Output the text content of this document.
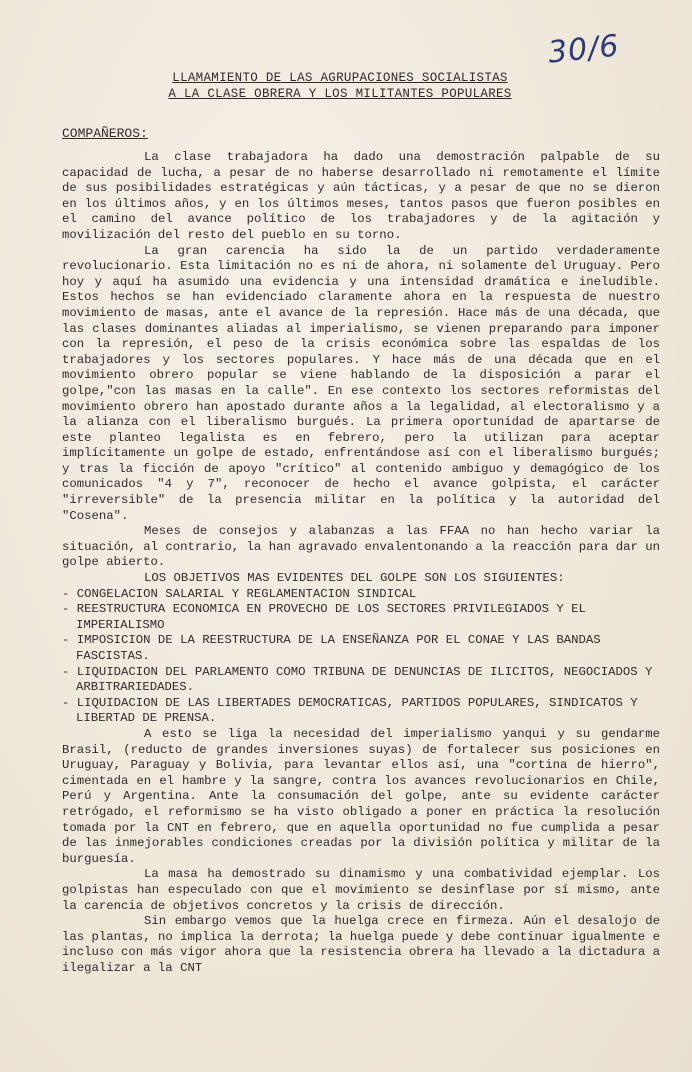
30/6
LLAMAMIENTO DE LAS AGRUPACIONES SOCIALISTAS
A LA CLASE OBRERA Y LOS MILITANTES POPULARES
COMPAÑEROS:

La clase trabajadora ha dado una demostración palpable de su capacidad de lucha, a pesar de no haberse desarrollado ni remotamente el límite de sus posibilidades estratégicas y aún tácticas, y a pesar de que no se dieron en los últimos años, y en los últimos meses, tantos pasos que fueron posibles en el camino del avance político de los trabajadores y de la agitación y movilización del resto del pueblo en su torno.

La gran carencia ha sido la de un partido verdaderamente revolucionario. Esta limitación no es ni de ahora, ni solamente del Uruguay. Pero hoy y aquí ha asumido una evidencia y una intensidad dramática e ineludible. Estos hechos se han evidenciado claramente ahora en la respuesta de nuestro movimiento de masas, ante el avance de la represión. Hace más de una década, que las clases dominantes aliadas al imperialismo, se vienen preparando para imponer con la represión, el peso de la crisis económica sobre las espaldas de los trabajadores y los sectores populares. Y hace más de una década que en el movimiento obrero popular se viene hablando de la disposición a parar el golpe,"con las masas en la calle". En ese contexto los sectores reformistas del movimiento obrero han apostado durante años a la legalidad, al electoralismo y a la alianza con el liberalismo burgués. La primera oportunidad de apartarse de este planteo legalista es en febrero, pero la utilizan para aceptar implícitamente un golpe de estado, enfrentándose así con el liberalismo burgués; y tras la ficción de apoyo "crítico" al contenido ambiguo y demagógico de los comunicados "4 y 7", reconocer de hecho el avance golpista, el carácter "irreversible" de la presencia militar en la política y la autoridad del "Cosena".

Meses de consejos y alabanzas a las FFAA no han hecho variar la situación, al contrario, la han agravado envalentonando a la reacción para dar un golpe abierto.

LOS OBJETIVOS MAS EVIDENTES DEL GOLPE SON LOS SIGUIENTES:

- CONGELACION SALARIAL Y REGLAMENTACION SINDICAL
- REESTRUCTURA ECONOMICA EN PROVECHO DE LOS SECTORES PRIVILEGIADOS Y EL IMPERIALISMO
- IMPOSICION DE LA REESTRUCTURA DE LA ENSEÑANZA POR EL CONAE Y LAS BANDAS FASCISTAS.
- LIQUIDACION DEL PARLAMENTO COMO TRIBUNA DE DENUNCIAS DE ILICITOS, NEGOCIADOS Y ARBITRARIEDADES.
- LIQUIDACION DE LAS LIBERTADES DEMOCRATICAS, PARTIDOS POPULARES, SINDICATOS Y LIBERTAD DE PRENSA.

A esto se liga la necesidad del imperialismo yanqui y su gendarme Brasil, (reducto de grandes inversiones suyas) de fortalecer sus posiciones en Uruguay, Paraguay y Bolivia, para levantar ellos así, una "cortina de hierro", cimentada en el hambre y la sangre, contra los avances revolucionarios en Chile, Perú y Argentina. Ante la consumación del golpe, ante su evidente carácter retrógado, el reformismo se ha visto obligado a poner en práctica la resolución tomada por la CNT en febrero, que en aquella oportunidad no fue cumplida a pesar de las inmejorables condiciones creadas por la división política y militar de la burguesía.

La masa ha demostrado su dinamismo y una combatividad ejemplar. Los golpistas han especulado con que el movimiento se desinflase por sí mismo, ante la carencia de objetivos concretos y la crisis de dirección.

Sin embargo vemos que la huelga crece en firmeza. Aún el desalojo de las plantas, no implica la derrota; la huelga puede y debe continuar igualmente e incluso con más vigor ahora que la resistencia obrera ha llevado a la dictadura a ilegalizar a la CNT
